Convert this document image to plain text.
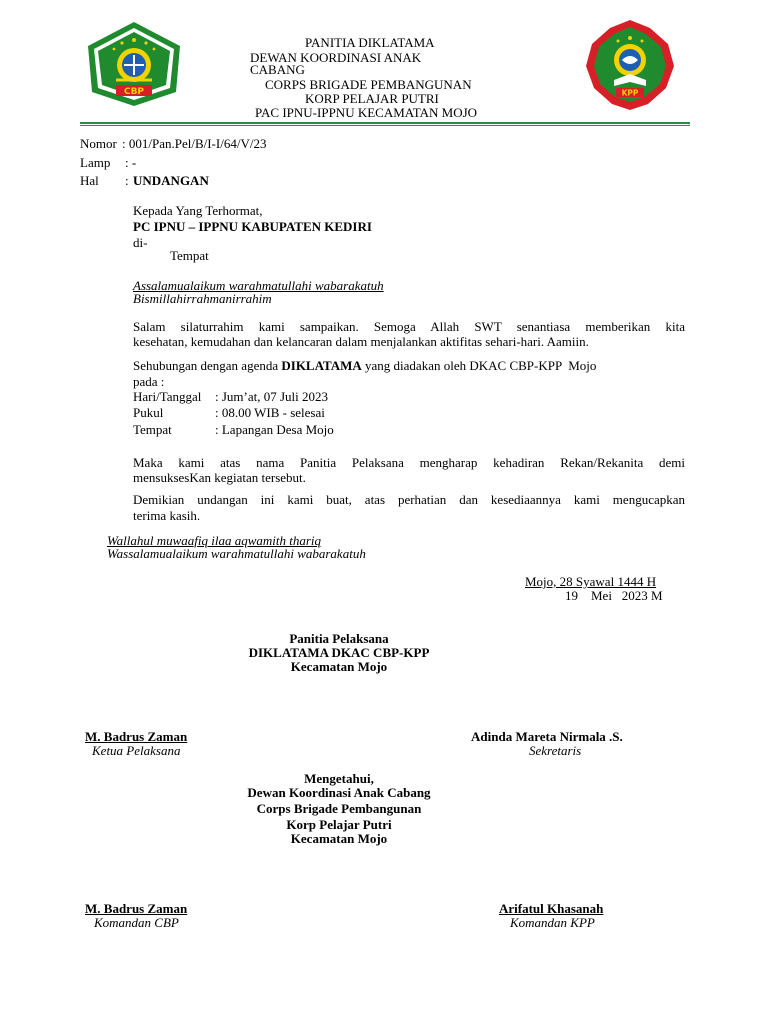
CBP	KPP
PANITIA DIKLATAMA
DEWAN KOORDINASI ANAK
CABANG
CORPS BRIGADE PEMBANGUNAN
KORP PELAJAR PUTRI
PAC IPNU-IPPNU KECAMATAN MOJO
Nomor : 001/Pan.Pel/B/I-I/64/V/23
Lamp : -
Hal : UNDANGAN
Kepada Yang Terhormat,
PC IPNU – IPPNU KABUPATEN KEDIRI
di-
Tempat
Assalamualaikum warahmatullahi wabarakatuh
Bismillahirrahmanirrahim
Salam silaturrahim kami sampaikan. Semoga Allah SWT senantiasa memberikan kita
kesehatan, kemudahan dan kelancaran dalam menjalankan aktifitas sehari-hari. Aamiin.
Sehubungan dengan agenda DIKLATAMA yang diadakan oleh DKAC CBP-KPP  Mojo
pada :
Hari/Tanggal : Jum’at, 07 Juli 2023
Pukul	: 08.00 WIB - selesai
Tempat	: Lapangan Desa Mojo
Maka kami atas nama Panitia Pelaksana mengharap kehadiran Rekan/Rekanita demi
mensuksesKan kegiatan tersebut.
Demikian undangan ini kami buat, atas perhatian dan kesediaannya kami mengucapkan
terima kasih.
Wallahul muwaafiq ilaa aqwamith thariq
Wassalamualaikum warahmatullahi wabarakatuh
Mojo, 28 Syawal 1444 H
19    Mei   2023 M
Panitia Pelaksana
DIKLATAMA DKAC CBP-KPP
Kecamatan Mojo
M. Badrus Zaman
Ketua Pelaksana
Adinda Mareta Nirmala .S.
Sekretaris
Mengetahui,
Dewan Koordinasi Anak Cabang
Corps Brigade Pembangunan
Korp Pelajar Putri
Kecamatan Mojo
M. Badrus Zaman
Komandan CBP
Arifatul Khasanah
Komandan KPP
